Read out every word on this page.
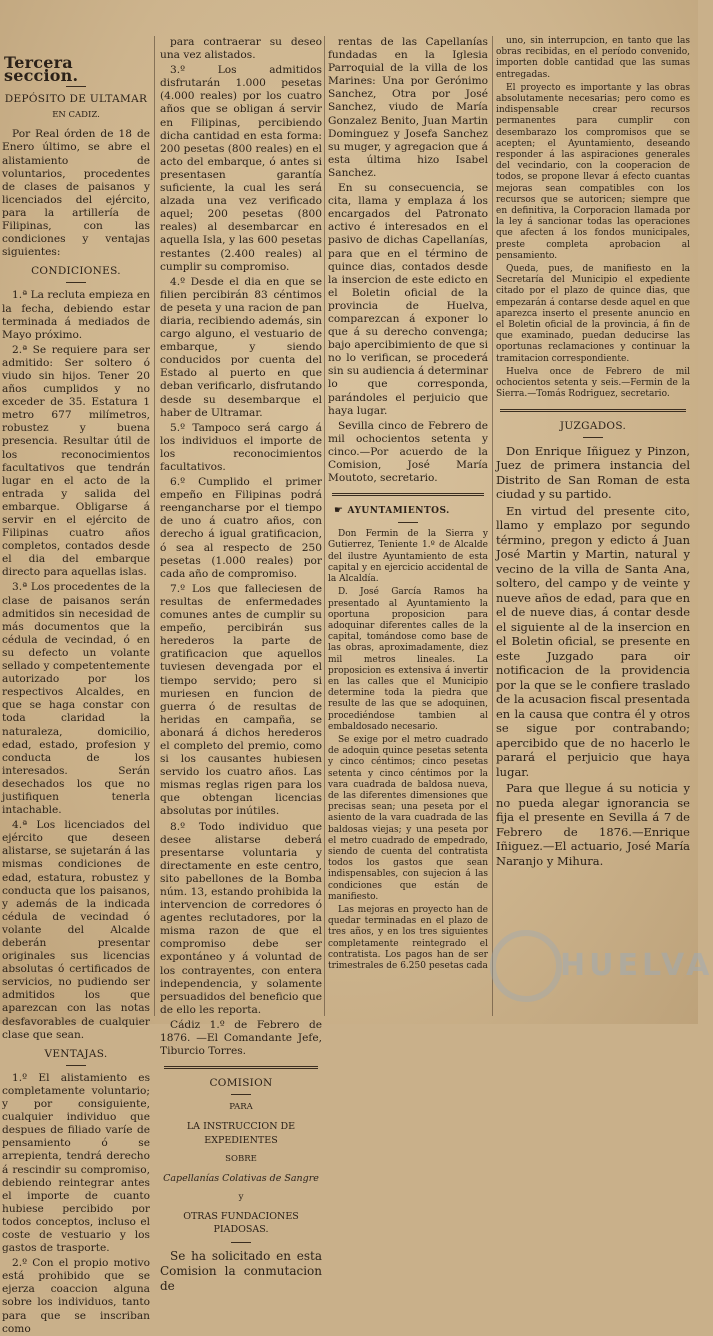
Tercera seccion.
DEPÓSITO DE ULTAMAR
EN CADIZ.

Por Real órden de 18 de Enero último, se abre el alistamiento de voluntarios, procedentes de clases de paisanos y licenciados del ejército, para la artillería de Filipinas, con las condiciones y ventajas siguientes:

CONDICIONES.

1.ª La recluta empieza en la fecha, debiendo estar terminada á mediados de Mayo próximo.

2.ª Se requiere para ser admitido: Ser soltero ó viudo sin hijos. Tener 20 años cumplidos y no exceder de 35. Estatura 1 metro 677 milímetros, robustez y buena presencia. Resultar útil de los reconocimientos facultativos que tendrán lugar en el acto de la entrada y salida del embarque. Obligarse á servir en el ejército de Filipinas cuatro años completos, contados desde el dia del embarque directo para aquellas islas.

3.ª Los procedentes de la clase de paisanos serán admitidos sin necesidad de más documentos que la cédula de vecindad, ó en su defecto un volante sellado y competentemente autorizado por los respectivos Alcaldes, en que se haga constar con toda claridad la naturaleza, domicilio, edad, estado, profesion y conducta de los interesados. Serán desechados los que no justifiquen tenerla intachable.

4.ª Los licenciados del ejército que deseen alistarse, se sujetarán á las mismas condiciones de edad, estatura, robustez y conducta que los paisanos, y además de la indicada cédula de vecindad ó volante del Alcalde deberán presentar originales sus licencias absolutas ó certificados de servicios, no pudiendo ser admitidos los que aparezcan con las notas desfavorables de cualquier clase que sean.

VENTAJAS.

1.º El alistamiento es completamente voluntario; y por consiguiente, cualquier individuo que despues de filiado varíe de pensamiento ó se arrepienta, tendrá derecho á rescindir su compromiso, debiendo reintegrar antes el importe de cuanto hubiese percibido por todos conceptos, incluso el coste de vestuario y los gastos de trasporte.

2.º Con el propio motivo está prohibido que se ejerza coaccion alguna sobre los individuos, tanto para que se inscriban como

para contraerar su deseo una vez alistados.

3.º Los admitidos disfrutarán 1.000 pesetas (4.000 reales) por los cuatro años que se obligan á servir en Filipinas, percibiendo dicha cantidad en esta forma: 200 pesetas (800 reales) en el acto del embarque, ó antes si presentasen garantía suficiente, la cual les será alzada una vez verificado aquel; 200 pesetas (800 reales) al desembarcar en aquella Isla, y las 600 pesetas restantes (2.400 reales) al cumplir su compromiso.

4.º Desde el dia en que se filien percibirán 83 céntimos de peseta y una racion de pan diaria, recibiendo además, sin cargo alguno, el vestuario de embarque, y siendo conducidos por cuenta del Estado al puerto en que deban verificarlo, disfrutando desde su desembarque el haber de Ultramar.

5.º Tampoco será cargo á los individuos el importe de los reconocimientos facultativos.

6.º Cumplido el primer empeño en Filipinas podrá reengancharse por el tiempo de uno á cuatro años, con derecho á igual gratificacion, ó sea al respecto de 250 pesetas (1.000 reales) por cada año de compromiso.

7.º Los que falleciesen de resultas de enfermedades comunes antes de cumplir su empeño, percibirán sus herederos la parte de gratificacion que aquellos tuviesen devengada por el tiempo servido; pero si muriesen en funcion de guerra ó de resultas de heridas en campaña, se abonará á dichos herederos el completo del premio, como si los causantes hubiesen servido los cuatro años. Las mismas reglas rigen para los que obtengan licencias absolutas por inútiles.

8.º Todo individuo que desee alistarse deberá presentarse voluntaria y directamente en este centro, sito pabellones de la Bomba núm. 13, estando prohibida la intervencion de corredores ó agentes reclutadores, por la misma razon de que el compromiso debe ser expontáneo y á voluntad de los contrayentes, con entera independencia, y solamente persuadidos del beneficio que de ello les reporta.

Cádiz 1.º de Febrero de 1876. —El Comandante Jefe, Tiburcio Torres.

COMISION
PARA
LA INSTRUCCION DE EXPEDIENTES
SOBRE
Capellanías Colativas de Sangre
y
OTRAS FUNDACIONES PIADOSAS.

Se ha solicitado en esta Comision la conmutacion de

rentas de las Capellanías fundadas en la Iglesia Parroquial de la villa de los Marines: Una por Gerónimo Sanchez, Otra por José Sanchez, viudo de María Gonzalez Benito, Juan Martin Dominguez y Josefa Sanchez su muger, y agregacion que á esta última hizo Isabel Sanchez.

En su consecuencia, se cita, llama y emplaza á los encargados del Patronato activo é interesados en el pasivo de dichas Capellanías, para que en el término de quince dias, contados desde la insercion de este edicto en el Boletin oficial de la provincia de Huelva, comparezcan á exponer lo que á su derecho convenga; bajo apercibimiento de que si no lo verifican, se procederá sin su audiencia á determinar lo que corresponda, parándoles el perjuicio que haya lugar.

Sevilla cinco de Febrero de mil ochocientos setenta y cinco.—Por acuerdo de la Comision, José María Moutoto, secretario.

☛ AYUNTAMIENTOS.

Don Fermin de la Sierra y Gutierrez, Teniente 1.º de Alcalde del ilustre Ayuntamiento de esta capital y en ejercicio accidental de la Alcaldía.

D. José García Ramos ha presentado al Ayuntamiento la oportuna proposicion para adoquinar diferentes calles de la capital, tomándose como base de las obras, aproximadamente, diez mil metros lineales. La proposicion es extensiva á invertir en las calles que el Municipio determine toda la piedra que resulte de las que se adoquinen, procediéndose tambien al embaldosado necesario.

Se exige por el metro cuadrado de adoquin quince pesetas setenta y cinco céntimos; cinco pesetas setenta y cinco céntimos por la vara cuadrada de baldosa nueva, de las diferentes dimensiones que precisas sean; una peseta por el asiento de la vara cuadrada de las baldosas viejas; y una peseta por el metro cuadrado de empedrado, siendo de cuenta del contratista todos los gastos que sean indispensables, con sujecion á las condiciones que están de manifiesto.

Las mejoras en proyecto han de quedar terminadas en el plazo de tres años, y en los tres siguientes completamente reintegrado el contratista. Los pagos han de ser trimestrales de 6.250 pesetas cada

uno, sin interrupcion, en tanto que las obras recibidas, en el período convenido, importen doble cantidad que las sumas entregadas.

El proyecto es importante y las obras absolutamente necesarias; pero como es indispensable crear recursos permanentes para cumplir con desembarazo los compromisos que se acepten; el Ayuntamiento, deseando responder á las aspiraciones generales del vecindario, con la cooperacion de todos, se propone llevar á efecto cuantas mejoras sean compatibles con los recursos que se autoricen; siempre que en definitiva, la Corporacion llamada por la ley á sancionar todas las operaciones que afecten á los fondos municipales, preste completa aprobacion al pensamiento.

Queda, pues, de manifiesto en la Secretaría del Municipio el expediente citado por el plazo de quince dias, que empezarán á contarse desde aquel en que aparezca inserto el presente anuncio en el Boletin oficial de la provincia, á fin de que examinado, puedan deducirse las oportunas reclamaciones y continuar la tramitacion correspondiente.

Huelva once de Febrero de mil ochocientos setenta y seis.—Fermin de la Sierra.—Tomás Rodriguez, secretario.

JUZGADOS.

Don Enrique Iñiguez y Pinzon, Juez de primera instancia del Distrito de San Roman de esta ciudad y su partido.

En virtud del presente cito, llamo y emplazo por segundo término, pregon y edicto á Juan José Martin y Martin, natural y vecino de la villa de Santa Ana, soltero, del campo y de veinte y nueve años de edad, para que en el de nueve dias, á contar desde el siguiente al de la insercion en el Boletin oficial, se presente en este Juzgado para oir notificacion de la providencia por la que se le confiere traslado de la acusacion fiscal presentada en la causa que contra él y otros se sigue por contrabando; apercibido que de no hacerlo le parará el perjuicio que haya lugar.

Para que llegue á su noticia y no pueda alegar ignorancia se fija el presente en Sevilla á 7 de Febrero de 1876.—Enrique Iñiguez.—El actuario, José María Naranjo y Mihura.

HUELVA
